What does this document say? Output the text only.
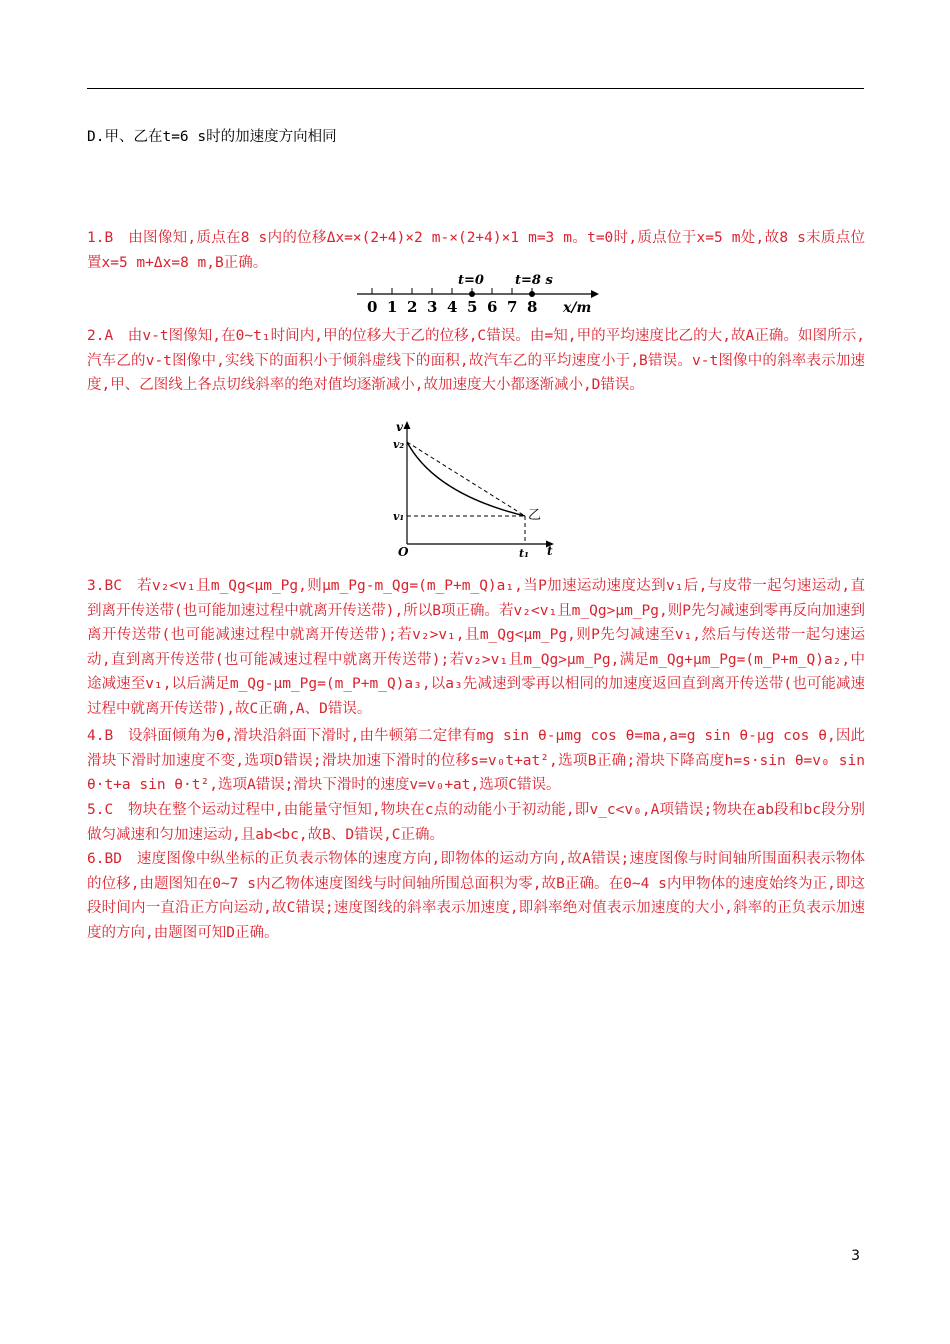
D.甲、乙在t=6 s时的加速度方向相同
1.B　由图像知,质点在8 s内的位移Δx=×(2+4)×2 m-×(2+4)×1 m=3 m。t=0时,质点位于x=5 m处,故8 s末质点位置x=5 m+Δx=8 m,B正确。
t=0 t=8 s
0 1 2 3 4 5 6 7 8 x/m
2.A　由v-t图像知,在0~t₁时间内,甲的位移大于乙的位移,C错误。由=知,甲的平均速度比乙的大,故A正确。如图所示,汽车乙的v-t图像中,实线下的面积小于倾斜虚线下的面积,故汽车乙的平均速度小于,B错误。v-t图像中的斜率表示加速度,甲、乙图线上各点切线斜率的绝对值均逐渐减小,故加速度大小都逐渐减小,D错误。
v
v₂
v₁
O	t₁ t
乙
3.BC　若v₂<v₁且m_Qg<μm_Pg,则μm_Pg-m_Qg=(m_P+m_Q)a₁,当P加速运动速度达到v₁后,与皮带一起匀速运动,直到离开传送带(也可能加速过程中就离开传送带),所以B项正确。若v₂<v₁且m_Qg>μm_Pg,则P先匀减速到零再反向加速到离开传送带(也可能减速过程中就离开传送带);若v₂>v₁,且m_Qg<μm_Pg,则P先匀减速至v₁,然后与传送带一起匀速运动,直到离开传送带(也可能减速过程中就离开传送带);若v₂>v₁且m_Qg>μm_Pg,满足m_Qg+μm_Pg=(m_P+m_Q)a₂,中途减速至v₁,以后满足m_Qg-μm_Pg=(m_P+m_Q)a₃,以a₃先减速到零再以相同的加速度返回直到离开传送带(也可能减速过程中就离开传送带),故C正确,A、D错误。
4.B　设斜面倾角为θ,滑块沿斜面下滑时,由牛顿第二定律有mg sin θ-μmg cos θ=ma,a=g sin θ-μg cos θ,因此滑块下滑时加速度不变,选项D错误;滑块加速下滑时的位移s=v₀t+at²,选项B正确;滑块下降高度h=s·sin θ=v₀ sin θ·t+a sin θ·t²,选项A错误;滑块下滑时的速度v=v₀+at,选项C错误。
5.C　物块在整个运动过程中,由能量守恒知,物块在c点的动能小于初动能,即v_c<v₀,A项错误;物块在ab段和bc段分别做匀减速和匀加速运动,且ab<bc,故B、D错误,C正确。
6.BD　速度图像中纵坐标的正负表示物体的速度方向,即物体的运动方向,故A错误;速度图像与时间轴所围面积表示物体的位移,由题图知在0~7 s内乙物体速度图线与时间轴所围总面积为零,故B正确。在0~4 s内甲物体的速度始终为正,即这段时间内一直沿正方向运动,故C错误;速度图线的斜率表示加速度,即斜率绝对值表示加速度的大小,斜率的正负表示加速度的方向,由题图可知D正确。
3
